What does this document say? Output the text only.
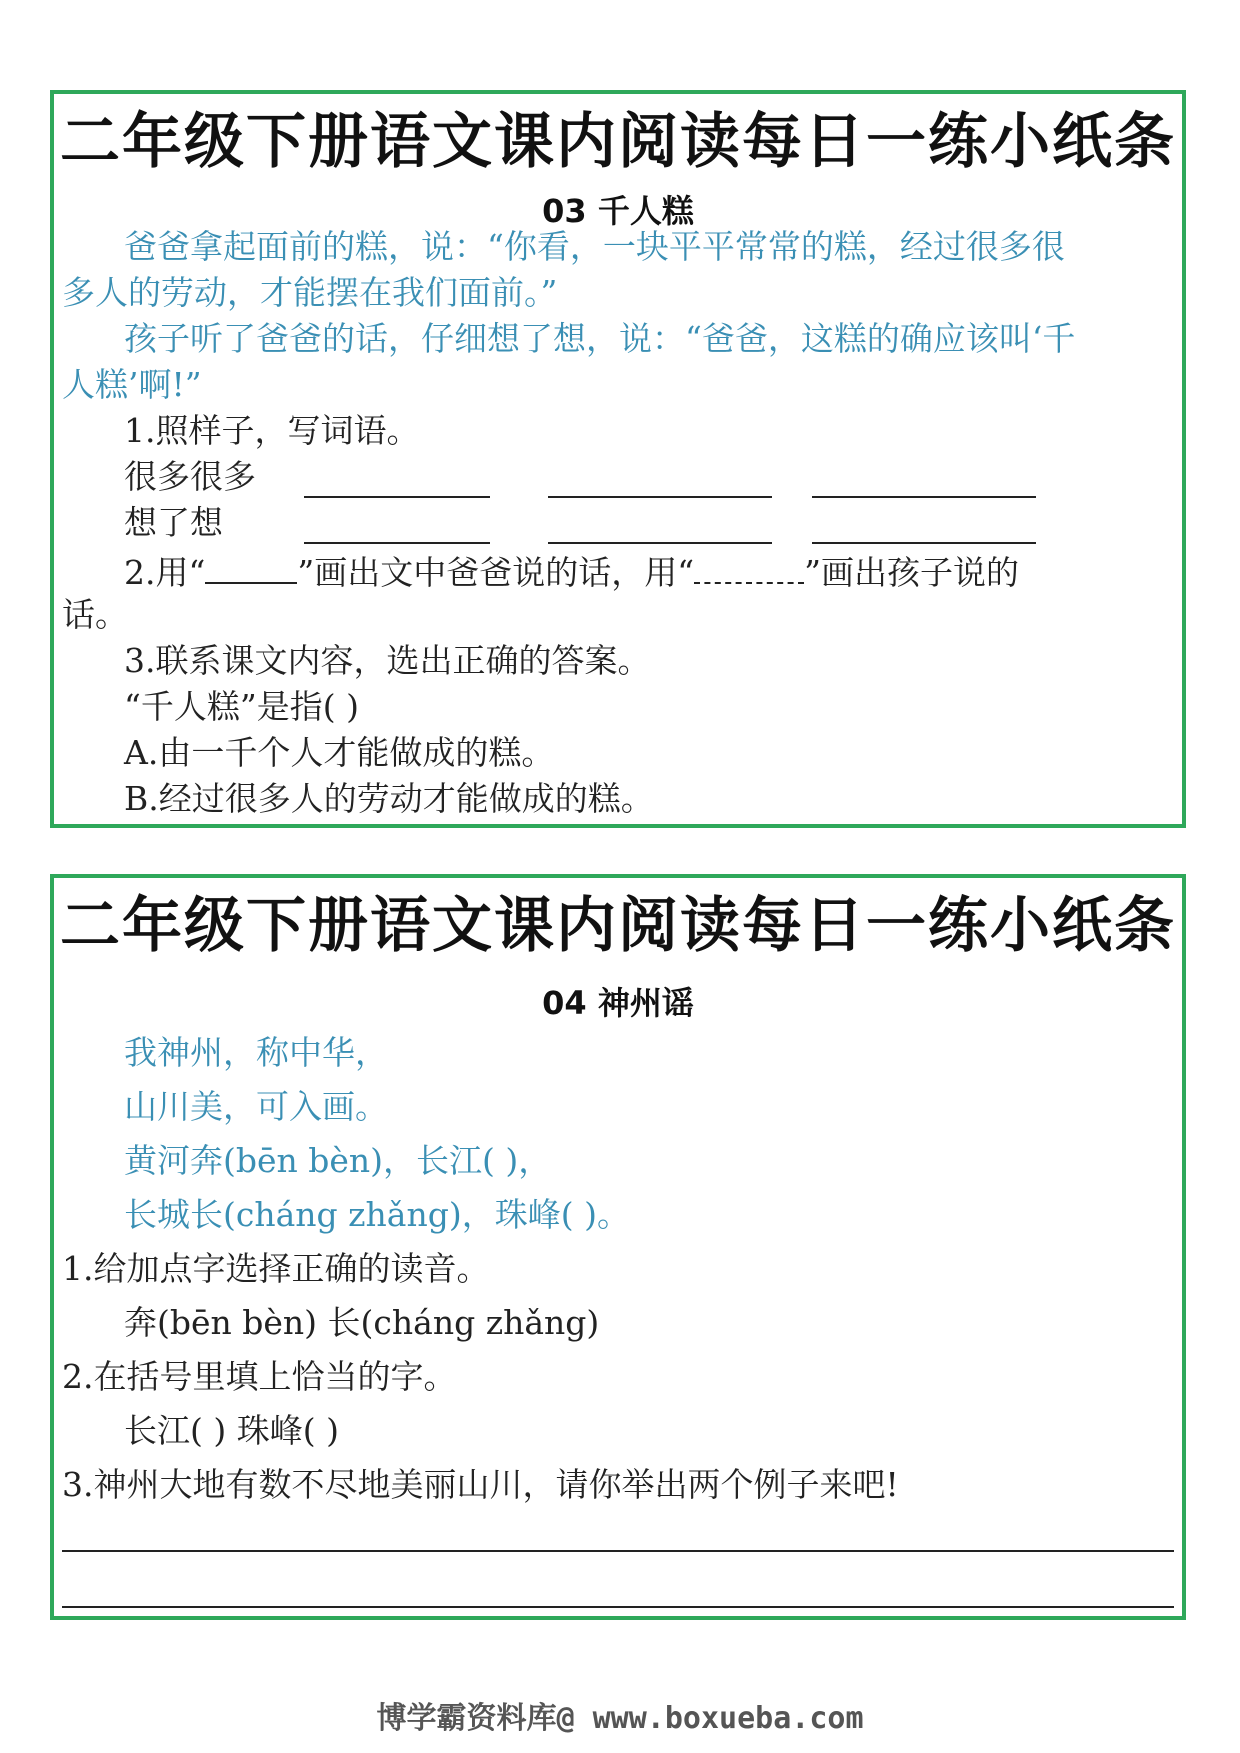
二年级下册语文课内阅读每日一练小纸条
03 千人糕
爸爸拿起面前的糕，说：“你看，一块平平常常的糕，经过很多很
多人的劳动，才能摆在我们面前。”
孩子听了爸爸的话，仔细想了想，说：“爸爸，这糕的确应该叫‘千
人糕’啊!”
1.照样子，写词语。
很多很多
想了想
2.用“	”画出文中爸爸说的话，用“	”画出孩子说的
话。
3.联系课文内容，选出正确的答案。
“千人糕”是指( )
A.由一千个人才能做成的糕。
B.经过很多人的劳动才能做成的糕。
二年级下册语文课内阅读每日一练小纸条
04 神州谣
我神州，称中华，
山川美，可入画。
黄河奔(bēn bèn)，长江( )，
长城长(cháng zhǎng)，珠峰( )。
1.给加点字选择正确的读音。
奔(bēn bèn) 长(cháng zhǎng)
2.在括号里填上恰当的字。
长江( ) 珠峰( )
3.神州大地有数不尽地美丽山川，请你举出两个例子来吧!
博学霸资料库@ www.boxueba.com
